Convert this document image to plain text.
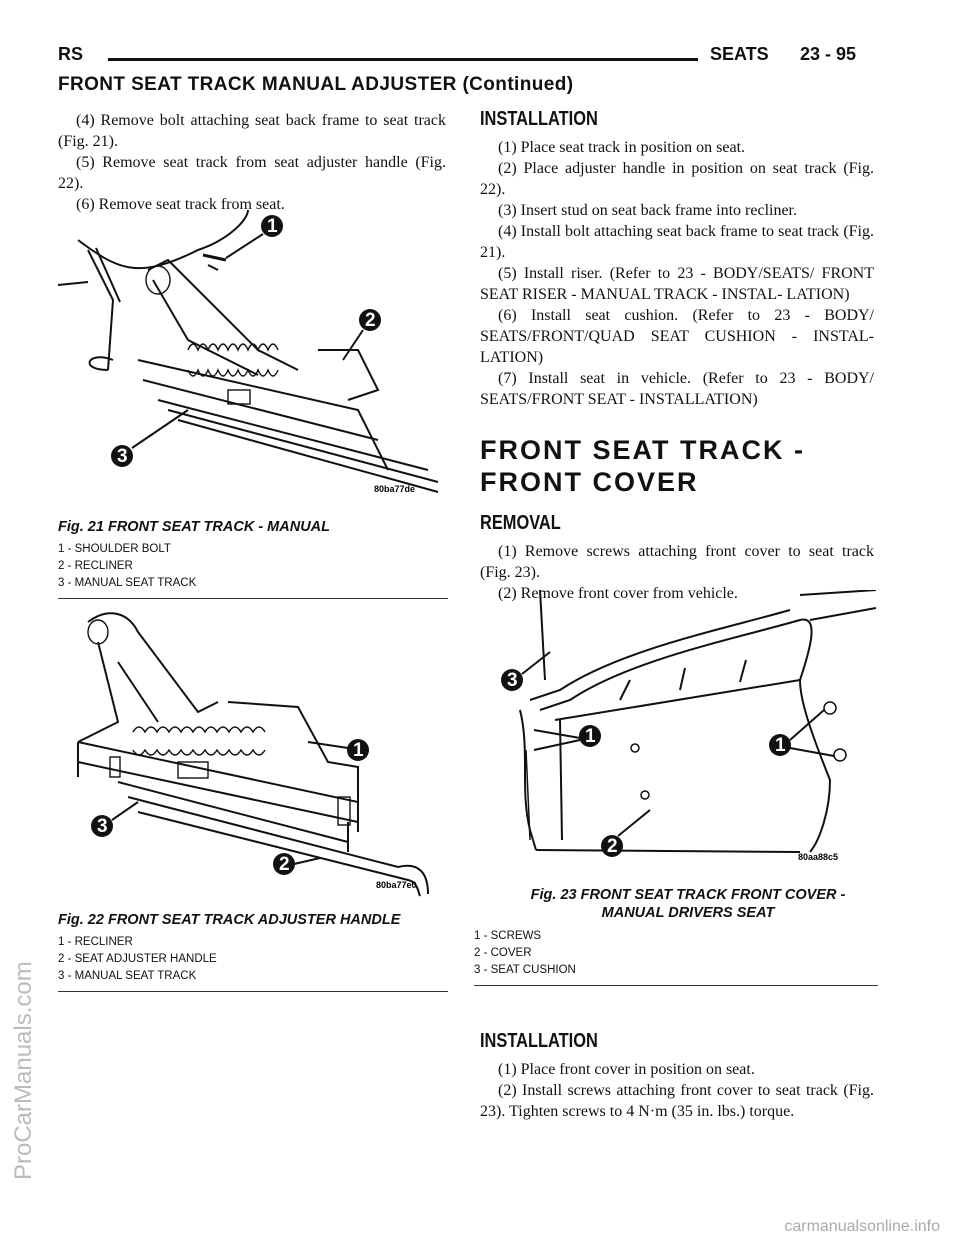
RS	SEATS 23 - 95
FRONT SEAT TRACK MANUAL ADJUSTER (Continued)

(4) Remove bolt attaching seat back frame to seat track (Fig. 21).

(5) Remove seat track from seat adjuster handle (Fig. 22).

(6) Remove seat track from seat.

1
2
3
80ba77de
Fig. 21 FRONT SEAT TRACK - MANUAL
1 - SHOULDER BOLT
2 - RECLINER
3 - MANUAL SEAT TRACK
1
2
3
80ba77e0
Fig. 22 FRONT SEAT TRACK ADJUSTER HANDLE
1 - RECLINER
2 - SEAT ADJUSTER HANDLE
3 - MANUAL SEAT TRACK
INSTALLATION

(1) Place seat track in position on seat.

(2) Place adjuster handle in position on seat track (Fig. 22).

(3) Insert stud on seat back frame into recliner.

(4) Install bolt attaching seat back frame to seat track (Fig. 21).

(5) Install riser. (Refer to 23 - BODY/SEATS/ FRONT SEAT RISER - MANUAL TRACK - INSTAL- LATION)

(6) Install seat cushion. (Refer to 23 - BODY/ SEATS/FRONT/QUAD SEAT CUSHION - INSTAL- LATION)

(7) Install seat in vehicle. (Refer to 23 - BODY/ SEATS/FRONT SEAT - INSTALLATION)

FRONT SEAT TRACK - FRONT COVER
REMOVAL

(1) Remove screws attaching front cover to seat track (Fig. 23).

(2) Remove front cover from vehicle.

3
1	1
2	80aa88c5
Fig. 23 FRONT SEAT TRACK FRONT COVER -
MANUAL DRIVERS SEAT
1 - SCREWS
2 - COVER
3 - SEAT CUSHION
INSTALLATION

(1) Place front cover in position on seat.

(2) Install screws attaching front cover to seat track (Fig. 23). Tighten screws to 4 N·m (35 in. lbs.) torque.

ProCarManuals.com
carmanualsonline.info
